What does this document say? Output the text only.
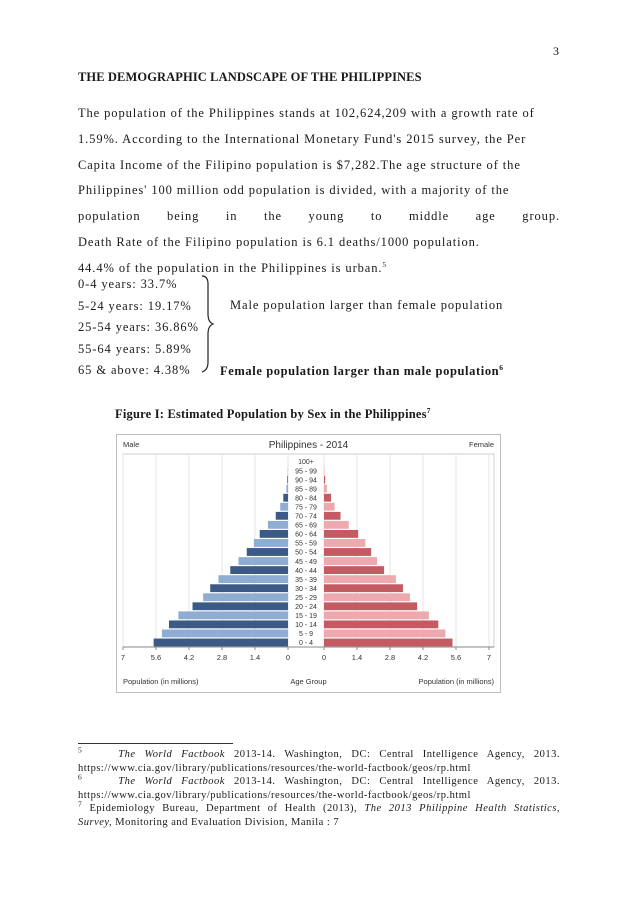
3
THE DEMOGRAPHIC LANDSCAPE OF THE PHILIPPINES
The population of the Philippines stands at 102,624,209 with a growth rate of
1.59%. According to the International Monetary Fund's 2015 survey, the Per
Capita Income of the Filipino population is $7,282.The age structure of the
Philippines' 100 million odd population is divided, with a majority of the
population being in the young to middle age group.
Death Rate of the Filipino population is 6.1 deaths/1000 population.
44.4% of the population in the Philippines is urban.$^5$
0-4 years: 33.7%
5-24 years: 19.17%
25-54 years: 36.86%
55-64 years: 5.89%
65 & above: 4.38%
Male population larger than female population
Female population larger than male population$^6$
Figure I: Estimated Population by Sex in the Philippines$^7$
Male	Female
Philippines - 2014
100+
95 - 99
90 - 94
85 - 89
80 - 84
75 - 79
70 - 74
65 - 69
60 - 64
55 - 59
50 - 54
45 - 49
40 - 44
35 - 39
30 - 34
25 - 29
20 - 24
15 - 19
10 - 14
5 - 9
0 - 4
7	5.6	4.2	2.8	1.4	0	0	1.4	2.8	4.2	5.6	7
Population (in millions)	Age Group	Population (in millions)
$^5$	The World Factbook 2013-14. Washington, DC: Central Intelligence Agency, 2013.
https://www.cia.gov/library/publications/resources/the-world-factbook/geos/rp.html
$^6$	The World Factbook 2013-14. Washington, DC: Central Intelligence Agency, 2013.
https://www.cia.gov/library/publications/resources/the-world-factbook/geos/rp.html
$^7$ Epidemiology Bureau, Department of Health (2013), The 2013 Philippine Health Statistics,
Survey, Monitoring and Evaluation Division, Manila : 7
